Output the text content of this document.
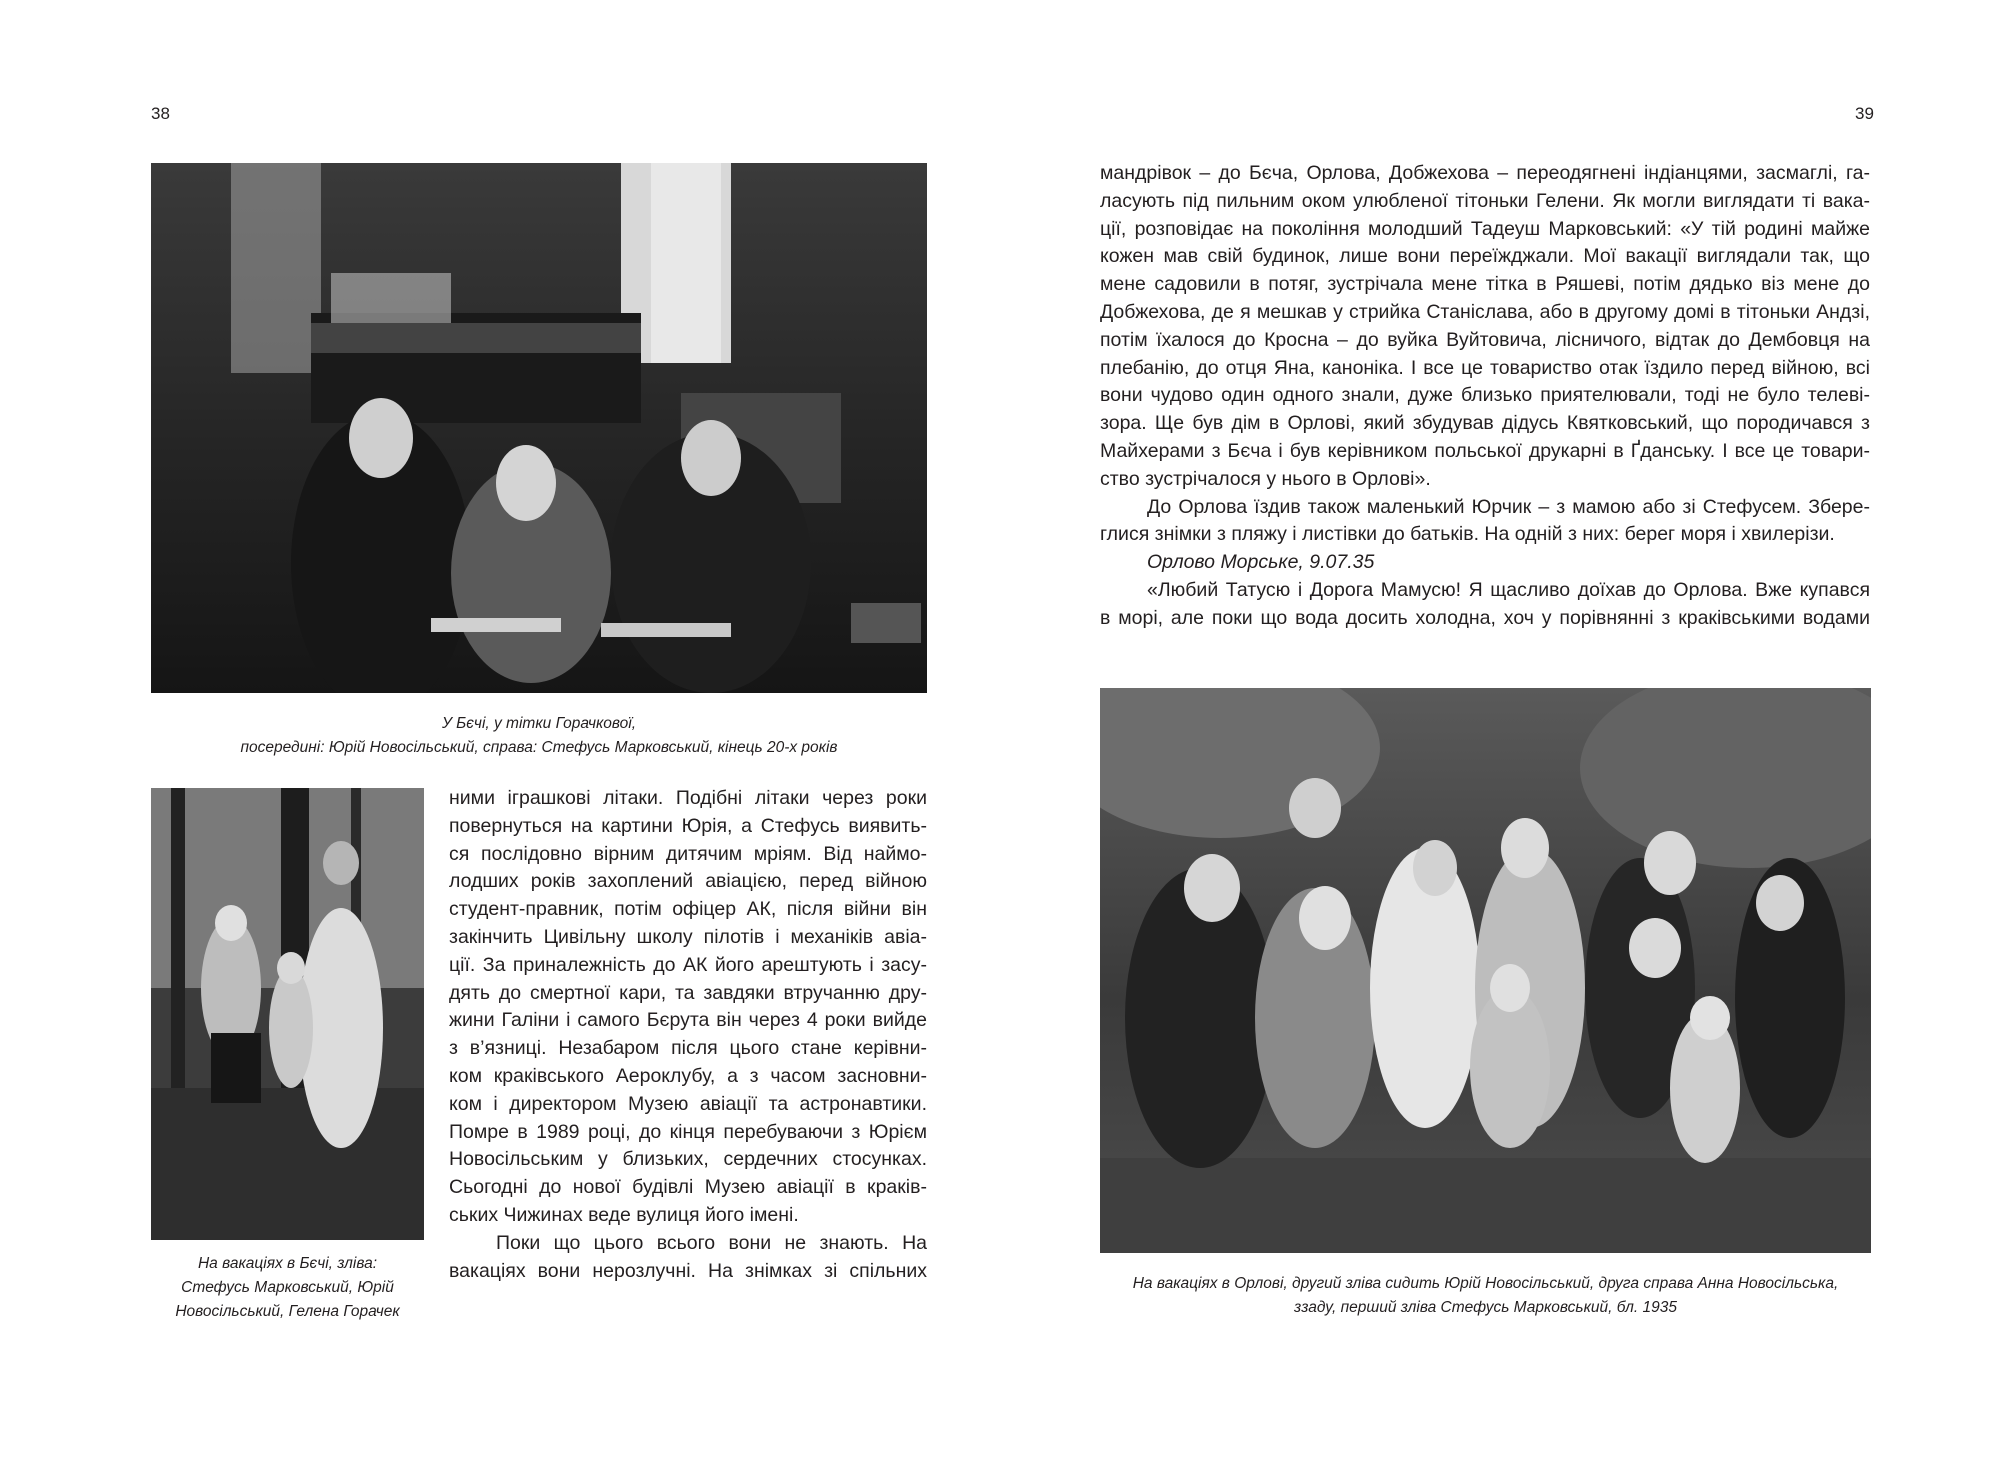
38	39
У Бєчі, у тітки Горачкової,
посередині: Юрій Новосільський, справа: Стефусь Марковський, кінець 20-х років
На вакаціях в Бєчі, зліва:
Стефусь Марковський, Юрій
Новосільський, Гелена Горачек

ними іграшкові літаки. Подібні літаки через роки

повернуться на картини Юрія, а Стефусь виявить-

ся послідовно вірним дитячим мріям. Від наймо-

лодших років захоплений авіацією, перед війною

студент-правник, потім офіцер АК, після війни він

закінчить Цивільну школу пілотів і механіків авіа-

ції. За приналежність до АК його арештують і засу-

дять до смертної кари, та завдяки втручанню дру-

жини Галіни і самого Бєрута він через 4 роки вийде

з в’язниці. Незабаром після цього стане керівни-

ком краківського Аероклубу, а з часом засновни-

ком і директором Музею авіації та астронавтики.

Помре в 1989 році, до кінця перебуваючи з Юрієм

Новосільським у близьких, сердечних стосунках.

Сьогодні до нової будівлі Музею авіації в краків-

ських Чижинах веде вулиця його імені.

Поки що цього всього вони не знають. На

вакаціях вони нерозлучні. На знімках зі спільних

мандрівок – до Бєча, Орлова, Добжехова – переодягнені індіанцями, засмаглі, га-

ласують під пильним оком улюбленої тітоньки Гелени. Як могли виглядати ті вака-

ції, розповідає на покоління молодший Тадеуш Марковський: «У тій родині майже

кожен мав свій будинок, лише вони переїжджали. Мої вакації виглядали так, що

мене садовили в потяг, зустрічала мене тітка в Ряшеві, потім дядько віз мене до

Добжехова, де я мешкав у стрийка Станіслава, або в другому домі в тітоньки Андзі,

потім їхалося до Кросна – до вуйка Вуйтовича, лісничого, відтак до Дембовця на

плебанію, до отця Яна, каноніка. І все це товариство отак їздило перед війною, всі

вони чудово один одного знали, дуже близько приятелювали, тоді не було телеві-

зора. Ще був дім в Орлові, який збудував дідусь Квятковський, що породичався з

Майхерами з Бєча і був керівником польської друкарні в Ґданську. І все це товари-

ство зустрічалося у нього в Орлові».

До Орлова їздив також маленький Юрчик – з мамою або зі Стефусем. Збере-

глися знімки з пляжу і листівки до батьків. На одній з них: берег моря і хвилерізи.

Орлово Морське, 9.07.35

«Любий Татусю і Дорога Мамусю! Я щасливо доїхав до Орлова. Вже купався

в морі, але поки що вода досить холодна, хоч у порівнянні з краківськими водами

На вакаціях в Орлові, другий зліва сидить Юрій Новосільський, друга справа Анна Новосільська,
ззаду, перший зліва Стефусь Марковський, бл. 1935
